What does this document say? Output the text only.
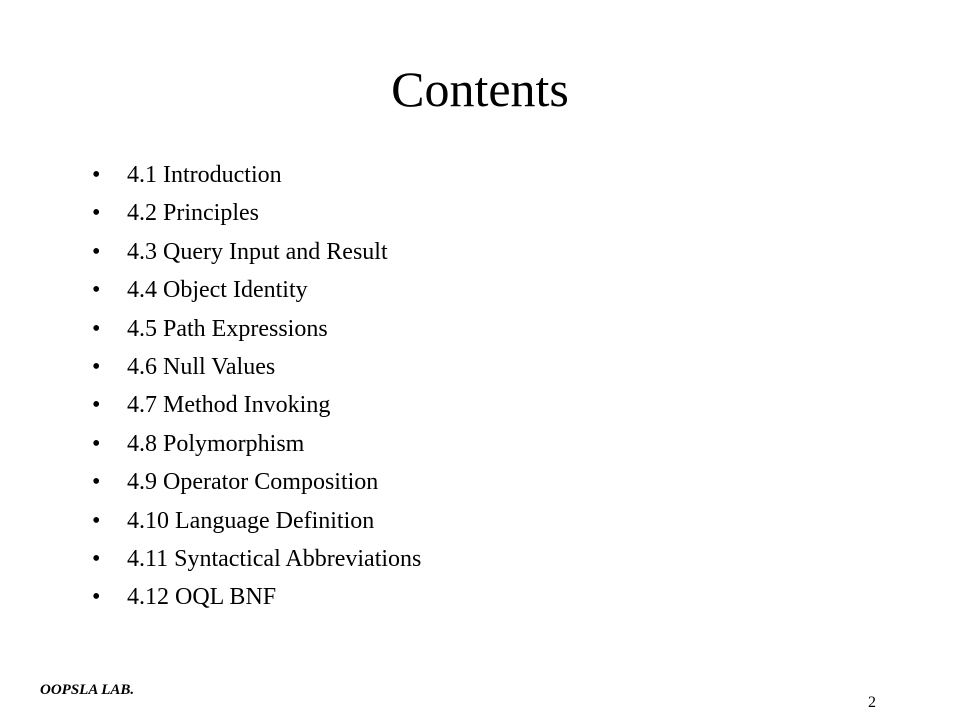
Contents
• 4.1 Introduction
• 4.2 Principles
• 4.3 Query Input and Result
• 4.4 Object Identity
• 4.5 Path Expressions
• 4.6 Null Values
• 4.7 Method Invoking
• 4.8 Polymorphism
• 4.9 Operator Composition
• 4.10 Language Definition
• 4.11 Syntactical Abbreviations
• 4.12 OQL BNF
OOPSLA LAB.
2
